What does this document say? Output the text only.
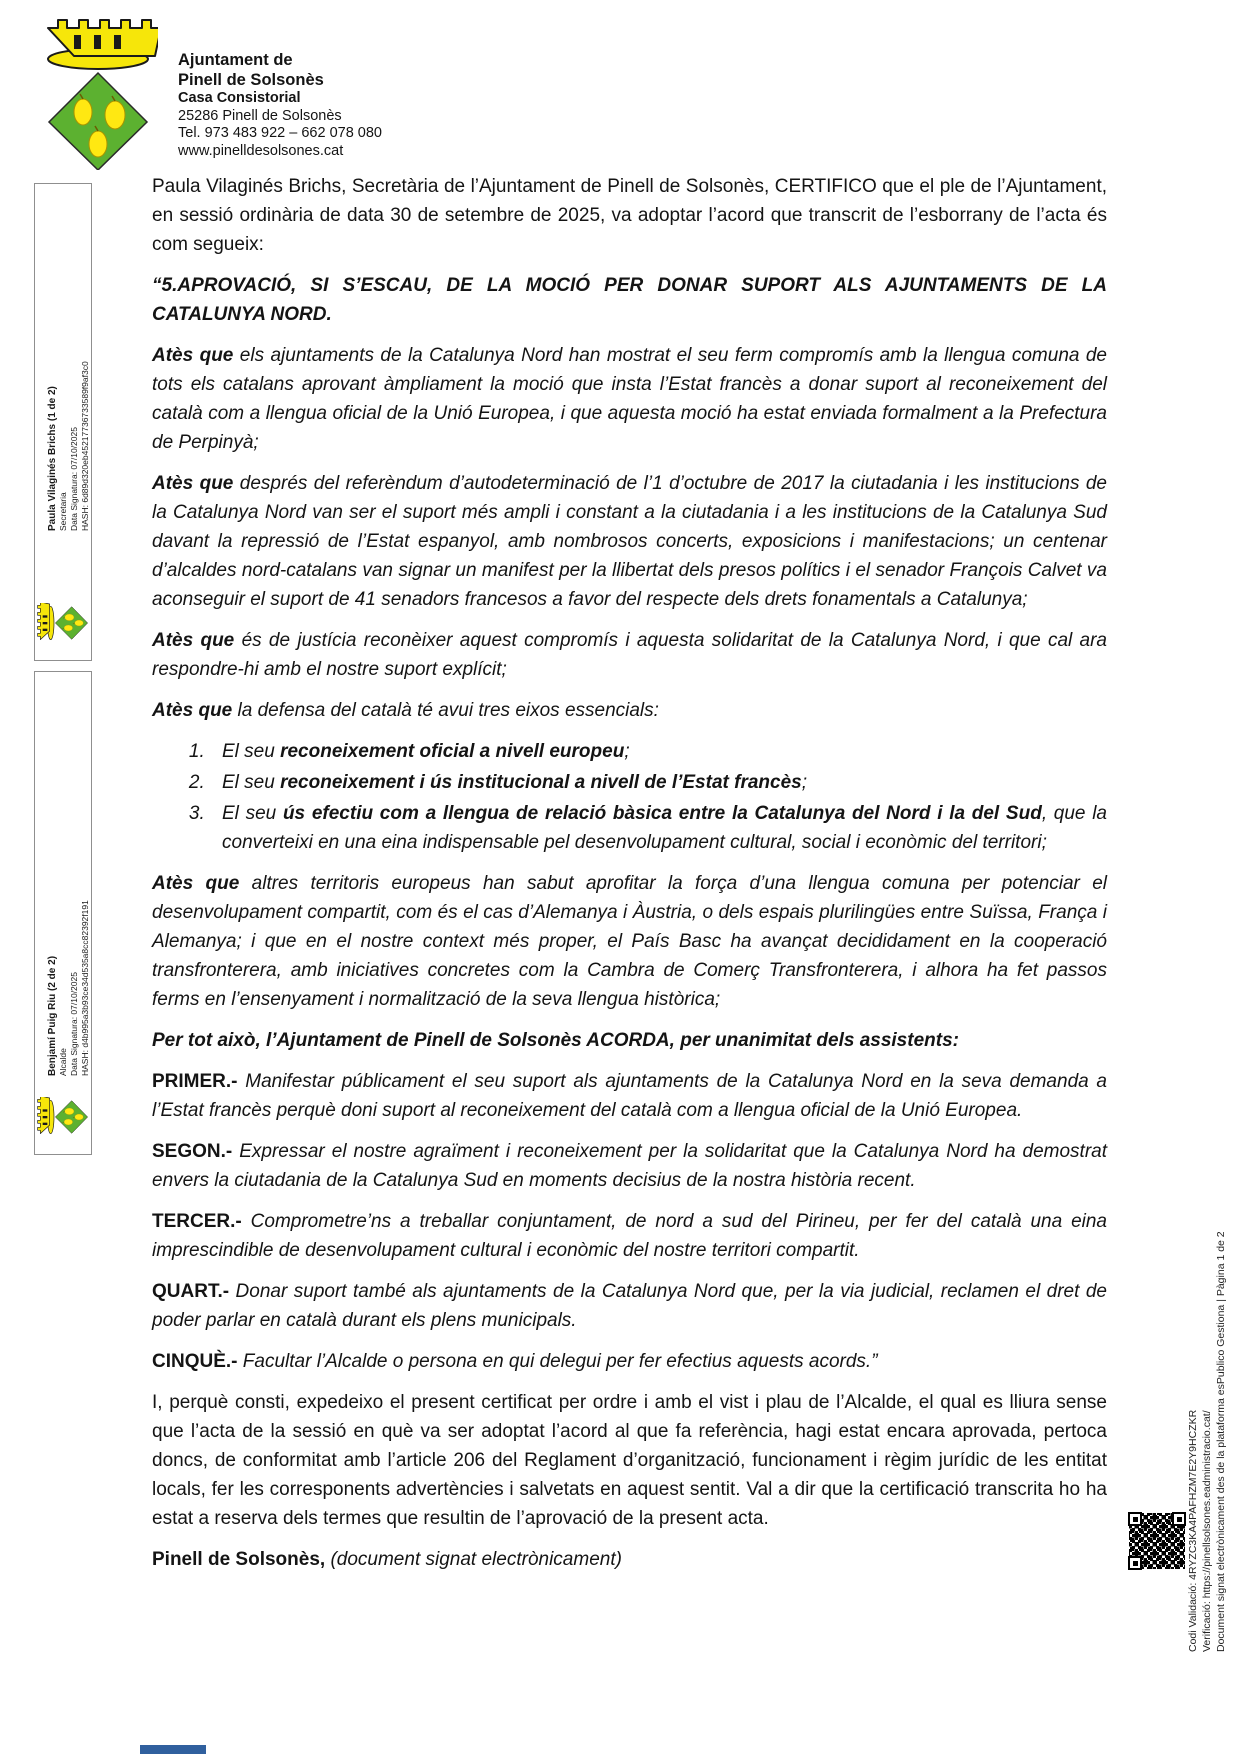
Ajuntament de
Pinell de Solsonès
Casa Consistorial
25286 Pinell de Solsonès
Tel. 973 483 922 – 662 078 080
www.pinelldesolsones.cat
Paula Vilaginés Brichs (1 de 2) Secretaria Data Signatura: 07/10/2025 HASH: 6d89d320eb45217736733589f9af3c0
Benjamí Puig Riu (2 de 2) Alcalde Data Signatura: 07/10/2025 HASH: d4b995a3b93ce34d535a8cc82392f191

Paula Vilaginés Brichs, Secretària de l’Ajuntament de Pinell de Solsonès, CERTIFICO que el ple de l’Ajuntament, en sessió ordinària de data 30 de setembre de 2025, va adoptar l’acord que transcrit de l’esborrany de l’acta és com segueix:

“5.APROVACIÓ, SI S’ESCAU, DE LA MOCIÓ PER DONAR SUPORT ALS AJUNTAMENTS DE LA CATALUNYA NORD.

Atès que els ajuntaments de la Catalunya Nord han mostrat el seu ferm compromís amb la llengua comuna de tots els catalans aprovant àmpliament la moció que insta l’Estat francès a donar suport al reconeixement del català com a llengua oficial de la Unió Europea, i que aquesta moció ha estat enviada formalment a la Prefectura de Perpinyà;

Atès que després del referèndum d’autodeterminació de l’1 d’octubre de 2017 la ciutadania i les institucions de la Catalunya Nord van ser el suport més ampli i constant a la ciutadania i a les institucions de la Catalunya Sud davant la repressió de l’Estat espanyol, amb nombrosos concerts, exposicions i manifestacions; un centenar d’alcaldes nord-catalans van signar un manifest per la llibertat dels presos polítics i el senador François Calvet va aconseguir el suport de 41 senadors francesos a favor del respecte dels drets fonamentals a Catalunya;

Atès que és de justícia reconèixer aquest compromís i aquesta solidaritat de la Catalunya Nord, i que cal ara respondre-hi amb el nostre suport explícit;

Atès que la defensa del català té avui tres eixos essencials:

1. El seu reconeixement oficial a nivell europeu;
2. El seu reconeixement i ús institucional a nivell de l’Estat francès;
3. El seu ús efectiu com a llengua de relació bàsica entre la Catalunya del Nord i la del Sud, que la converteixi en una eina indispensable pel desenvolupament cultural, social i econòmic del territori;

Atès que altres territoris europeus han sabut aprofitar la força d’una llengua comuna per potenciar el desenvolupament compartit, com és el cas d’Alemanya i Àustria, o dels espais plurilingües entre Suïssa, França i Alemanya; i que en el nostre context més proper, el País Basc ha avançat decididament en la cooperació transfronterera, amb iniciatives concretes com la Cambra de Comerç Transfronterera, i alhora ha fet passos ferms en l’ensenyament i normalització de la seva llengua històrica;

Per tot això, l’Ajuntament de Pinell de Solsonès ACORDA, per unanimitat dels assistents:

PRIMER.- Manifestar públicament el seu suport als ajuntaments de la Catalunya Nord en la seva demanda a l’Estat francès perquè doni suport al reconeixement del català com a llengua oficial de la Unió Europea.

SEGON.- Expressar el nostre agraïment i reconeixement per la solidaritat que la Catalunya Nord ha demostrat envers la ciutadania de la Catalunya Sud en moments decisius de la nostra història recent.

TERCER.- Comprometre’ns a treballar conjuntament, de nord a sud del Pirineu, per fer del català una eina imprescindible de desenvolupament cultural i econòmic del nostre territori compartit.

QUART.- Donar suport també als ajuntaments de la Catalunya Nord que, per la via judicial, reclamen el dret de poder parlar en català durant els plens municipals.

CINQUÈ.- Facultar l’Alcalde o persona en qui delegui per fer efectius aquests acords.”

I, perquè consti, expedeixo el present certificat per ordre i amb el vist i plau de l’Alcalde, el qual es lliura sense que l’acta de la sessió en què va ser adoptat l’acord al que fa referència, hagi estat encara aprovada, pertoca doncs, de conformitat amb l’article 206 del Reglament d’organització, funcionament i règim jurídic de les entitat locals, fer les corresponents advertències i salvetats en aquest sentit. Val a dir que la certificació transcrita ho ha estat a reserva dels termes que resultin de l’aprovació de la present acta.

Pinell de Solsonès, (document signat electrònicament)	Codi Validació: 4RYZC3KA4PAFHZM7E2Y9HCZKR Verificació: https://pinellsolsones.eadministracio.cat/ Document signat electrònicament des de la plataforma esPublico Gestiona | Pàgina 1 de 2
